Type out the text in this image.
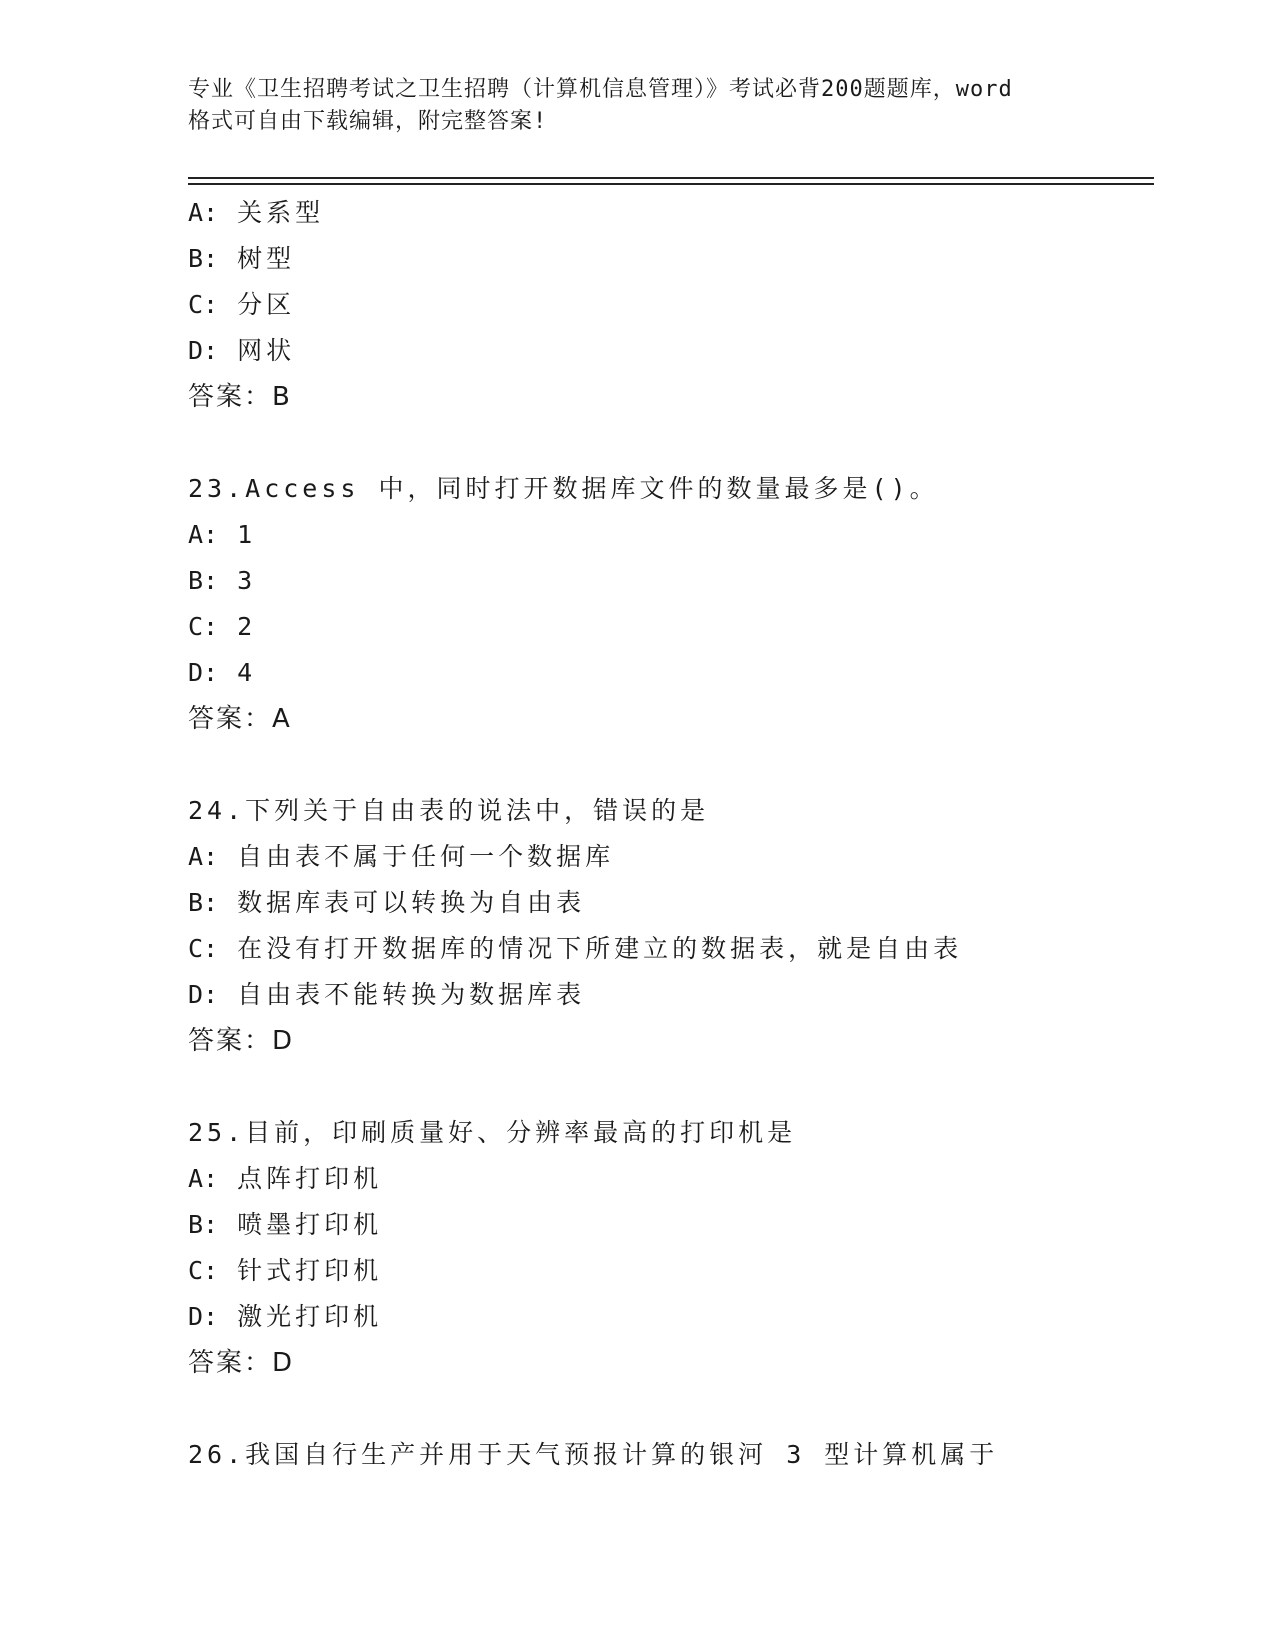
专业《卫生招聘考试之卫生招聘（计算机信息管理）》考试必背200题题库，word
格式可自由下载编辑，附完整答案!
A: 关系型
B: 树型
C: 分区
D: 网状
答案：B
23.Access 中，同时打开数据库文件的数量最多是()。
A: 1
B: 3
C: 2
D: 4
答案：A
24.下列关于自由表的说法中，错误的是
A: 自由表不属于任何一个数据库
B: 数据库表可以转换为自由表
C: 在没有打开数据库的情况下所建立的数据表，就是自由表
D: 自由表不能转换为数据库表
答案：D
25.目前，印刷质量好、分辨率最高的打印机是
A: 点阵打印机
B: 喷墨打印机
C: 针式打印机
D: 激光打印机
答案：D
26.我国自行生产并用于天气预报计算的银河 3 型计算机属于
